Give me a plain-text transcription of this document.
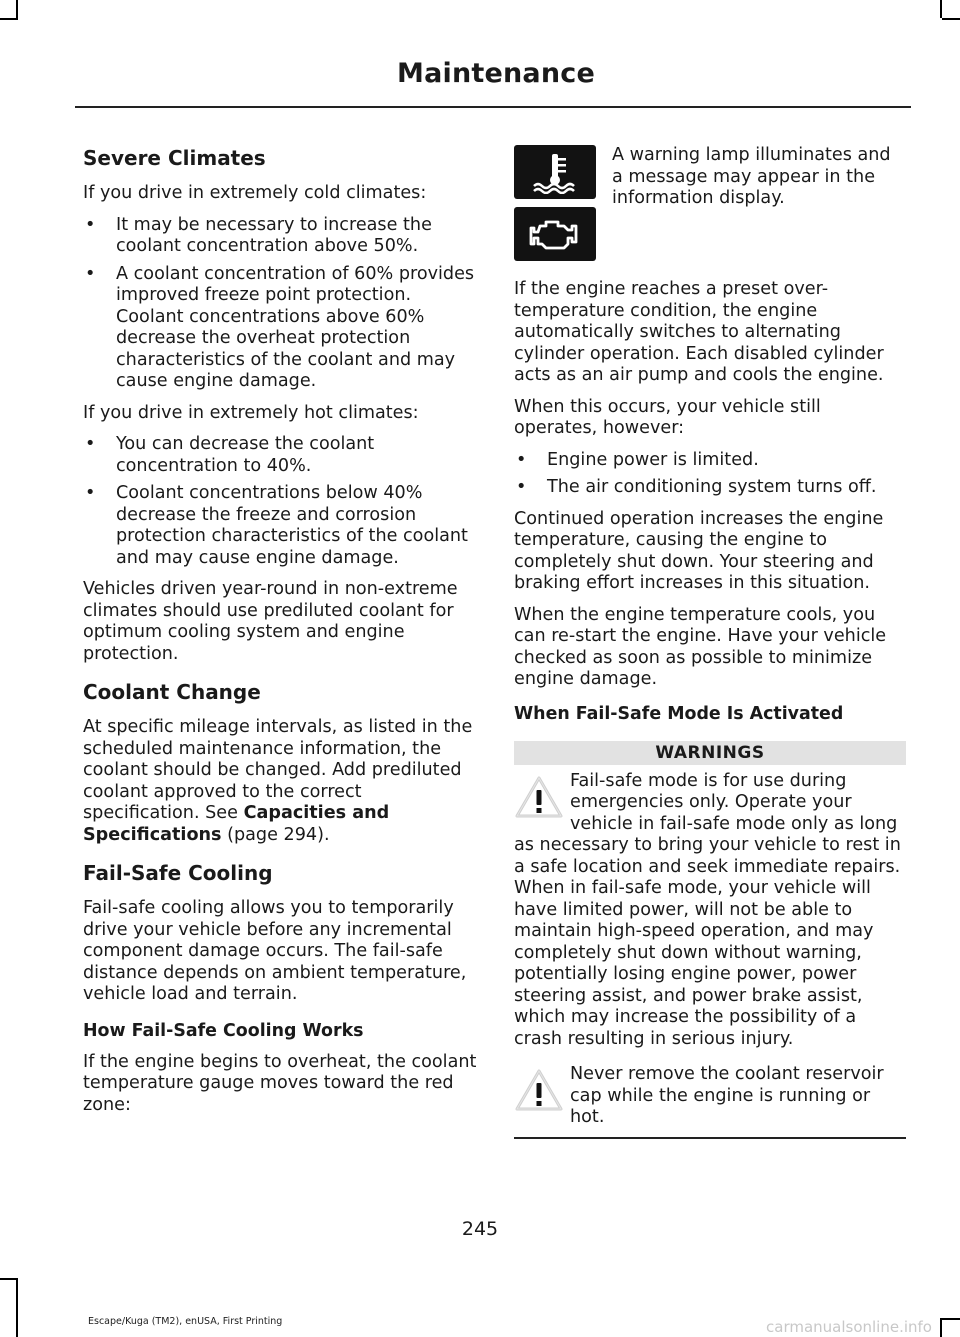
Maintenance
Severe Climates

If you drive in extremely cold climates:

• It may be necessary to increase the coolant concentration above 50%.
• A coolant concentration of 60% provides improved freeze point protection. Coolant concentrations above 60% decrease the overheat protection characteristics of the coolant and may cause engine damage.

If you drive in extremely hot climates:

• You can decrease the coolant concentration to 40%.
• Coolant concentrations below 40% decrease the freeze and corrosion protection characteristics of the coolant and may cause engine damage.

Vehicles driven year-round in non-extreme climates should use prediluted coolant for optimum cooling system and engine protection.

Coolant Change

At specific mileage intervals, as listed in the scheduled maintenance information, the coolant should be changed. Add prediluted coolant approved to the correct specification. See Capacities and Specifications (page 294).

Fail-Safe Cooling

Fail-safe cooling allows you to temporarily drive your vehicle before any incremental component damage occurs. The fail-safe distance depends on ambient temperature, vehicle load and terrain.

How Fail-Safe Cooling Works

If the engine begins to overheat, the coolant temperature gauge moves toward the red zone:

A warning lamp illuminates and a message may appear in the information display.

If the engine reaches a preset over-temperature condition, the engine automatically switches to alternating cylinder operation. Each disabled cylinder acts as an air pump and cools the engine.

When this occurs, your vehicle still operates, however:

• Engine power is limited.
• The air conditioning system turns off.

Continued operation increases the engine temperature, causing the engine to completely shut down. Your steering and braking effort increases in this situation.

When the engine temperature cools, you can re-start the engine. Have your vehicle checked as soon as possible to minimize engine damage.

When Fail-Safe Mode Is Activated
WARNINGS
Fail-safe mode is for use during emergencies only. Operate your vehicle in fail-safe mode only as long as necessary to bring your vehicle to rest in a safe location and seek immediate repairs. When in fail-safe mode, your vehicle will have limited power, will not be able to maintain high-speed operation, and may completely shut down without warning, potentially losing engine power, power steering assist, and power brake assist, which may increase the possibility of a crash resulting in serious injury.
Never remove the coolant reservoir cap while the engine is running or hot.
245
Escape/Kuga (TM2), enUSA, First Printing	carmanualsonline.info
